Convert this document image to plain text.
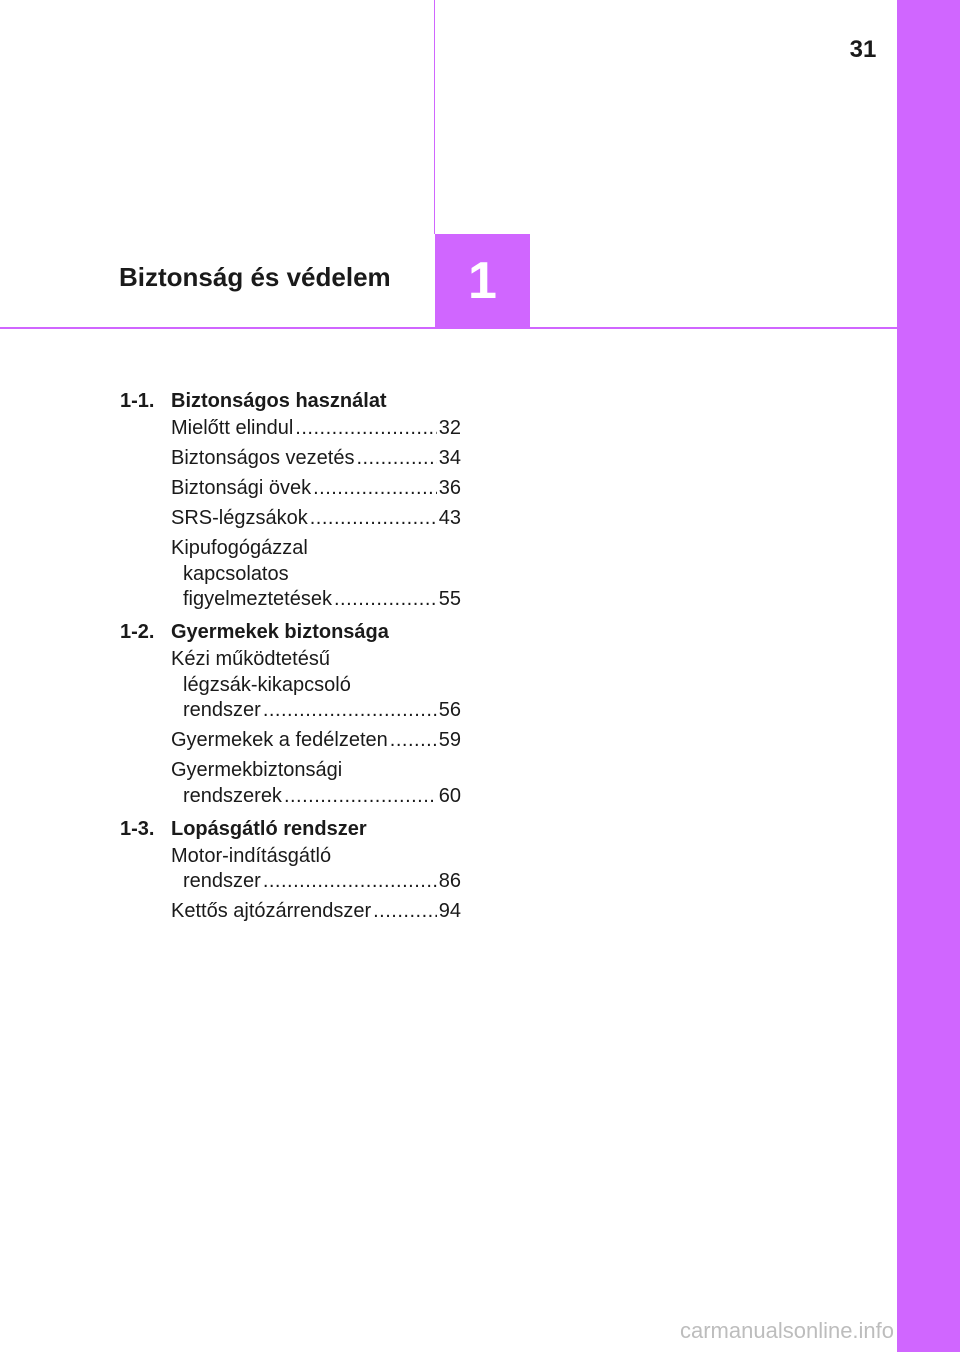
31
1
Biztonság és védelem
1-1. Biztonságos használat
Mielőtt elindul .....	32
Biztonságos vezetés .....	34
Biztonsági övek .....	36
SRS-légzsákok .....	43
Kipufogógázzal
kapcsolatos
figyelmeztetések .....	55
1-2. Gyermekek biztonsága
Kézi működtetésű
légzsák-kikapcsoló
rendszer .....	56
Gyermekek a fedélzeten .....	59
Gyermekbiztonsági
rendszerek .....	60
1-3. Lopásgátló rendszer
Motor-indításgátló
rendszer .....	86
Kettős ajtózárrendszer .....	94
carmanualsonline.info
